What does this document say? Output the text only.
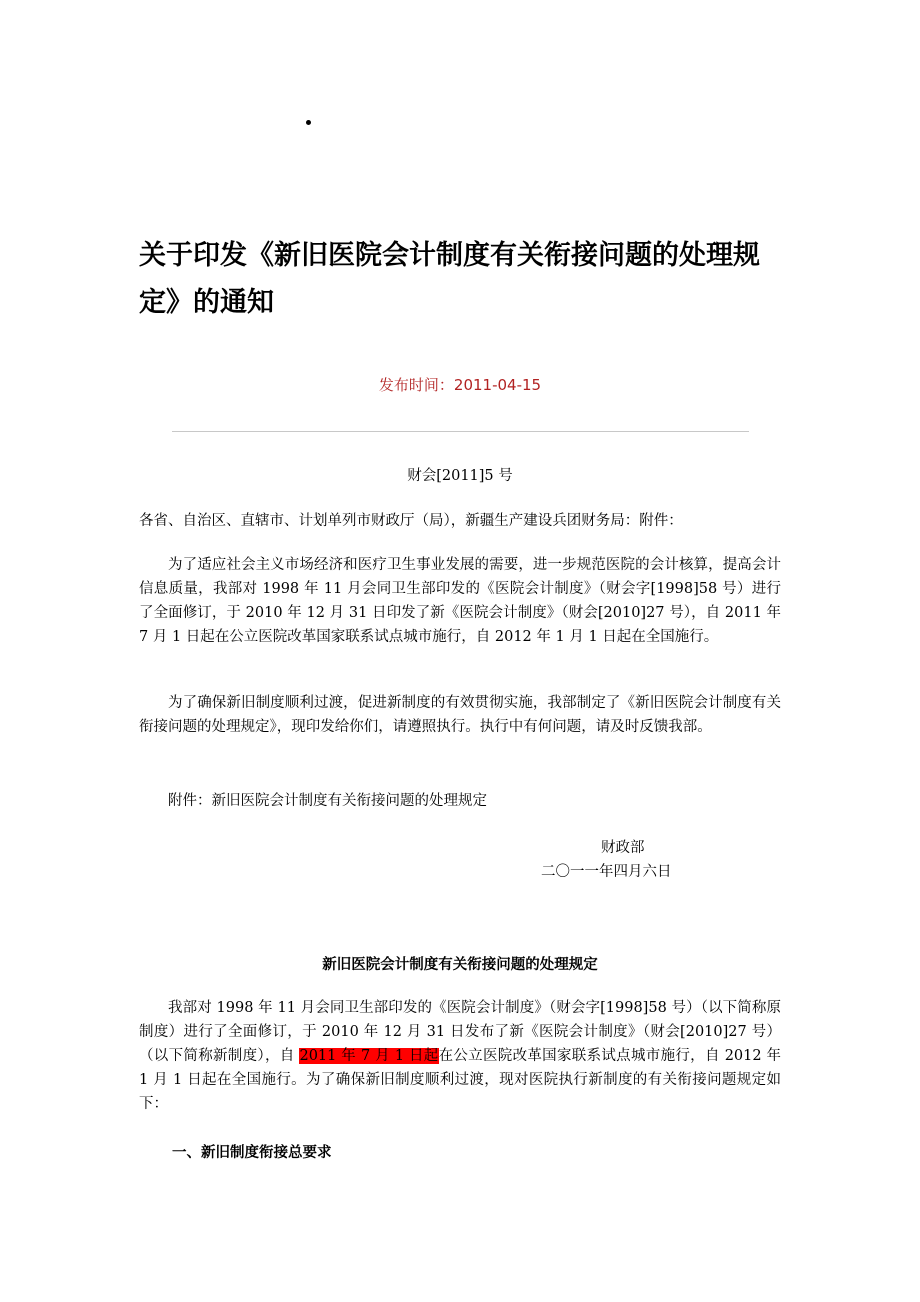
关于印发《新旧医院会计制度有关衔接问题的处理规定》的通知
发布时间：2011-04-15
财会[2011]5 号
各省、自治区、直辖市、计划单列市财政厅（局），新疆生产建设兵团财务局：附件：
为了适应社会主义市场经济和医疗卫生事业发展的需要，进一步规范医院的会计核算，提高会计信息质量，我部对 1998 年 11 月会同卫生部印发的《医院会计制度》（财会字[1998]58 号）进行了全面修订，于 2010 年 12 月 31 日印发了新《医院会计制度》（财会[2010]27 号），自 2011 年 7 月 1 日起在公立医院改革国家联系试点城市施行，自 2012 年 1 月 1 日起在全国施行。
为了确保新旧制度顺利过渡，促进新制度的有效贯彻实施，我部制定了《新旧医院会计制度有关衔接问题的处理规定》，现印发给你们，请遵照执行。执行中有何问题，请及时反馈我部。
附件：新旧医院会计制度有关衔接问题的处理规定
财政部
二〇一一年四月六日
新旧医院会计制度有关衔接问题的处理规定
我部对 1998 年 11 月会同卫生部印发的《医院会计制度》（财会字[1998]58 号）（以下简称原制度）进行了全面修订，于 2010 年 12 月 31 日发布了新《医院会计制度》（财会[2010]27 号）（以下简称新制度），自 2011 年 7 月 1 日起在公立医院改革国家联系试点城市施行，自 2012 年 1 月 1 日起在全国施行。为了确保新旧制度顺利过渡，现对医院执行新制度的有关衔接问题规定如下：
一、新旧制度衔接总要求
